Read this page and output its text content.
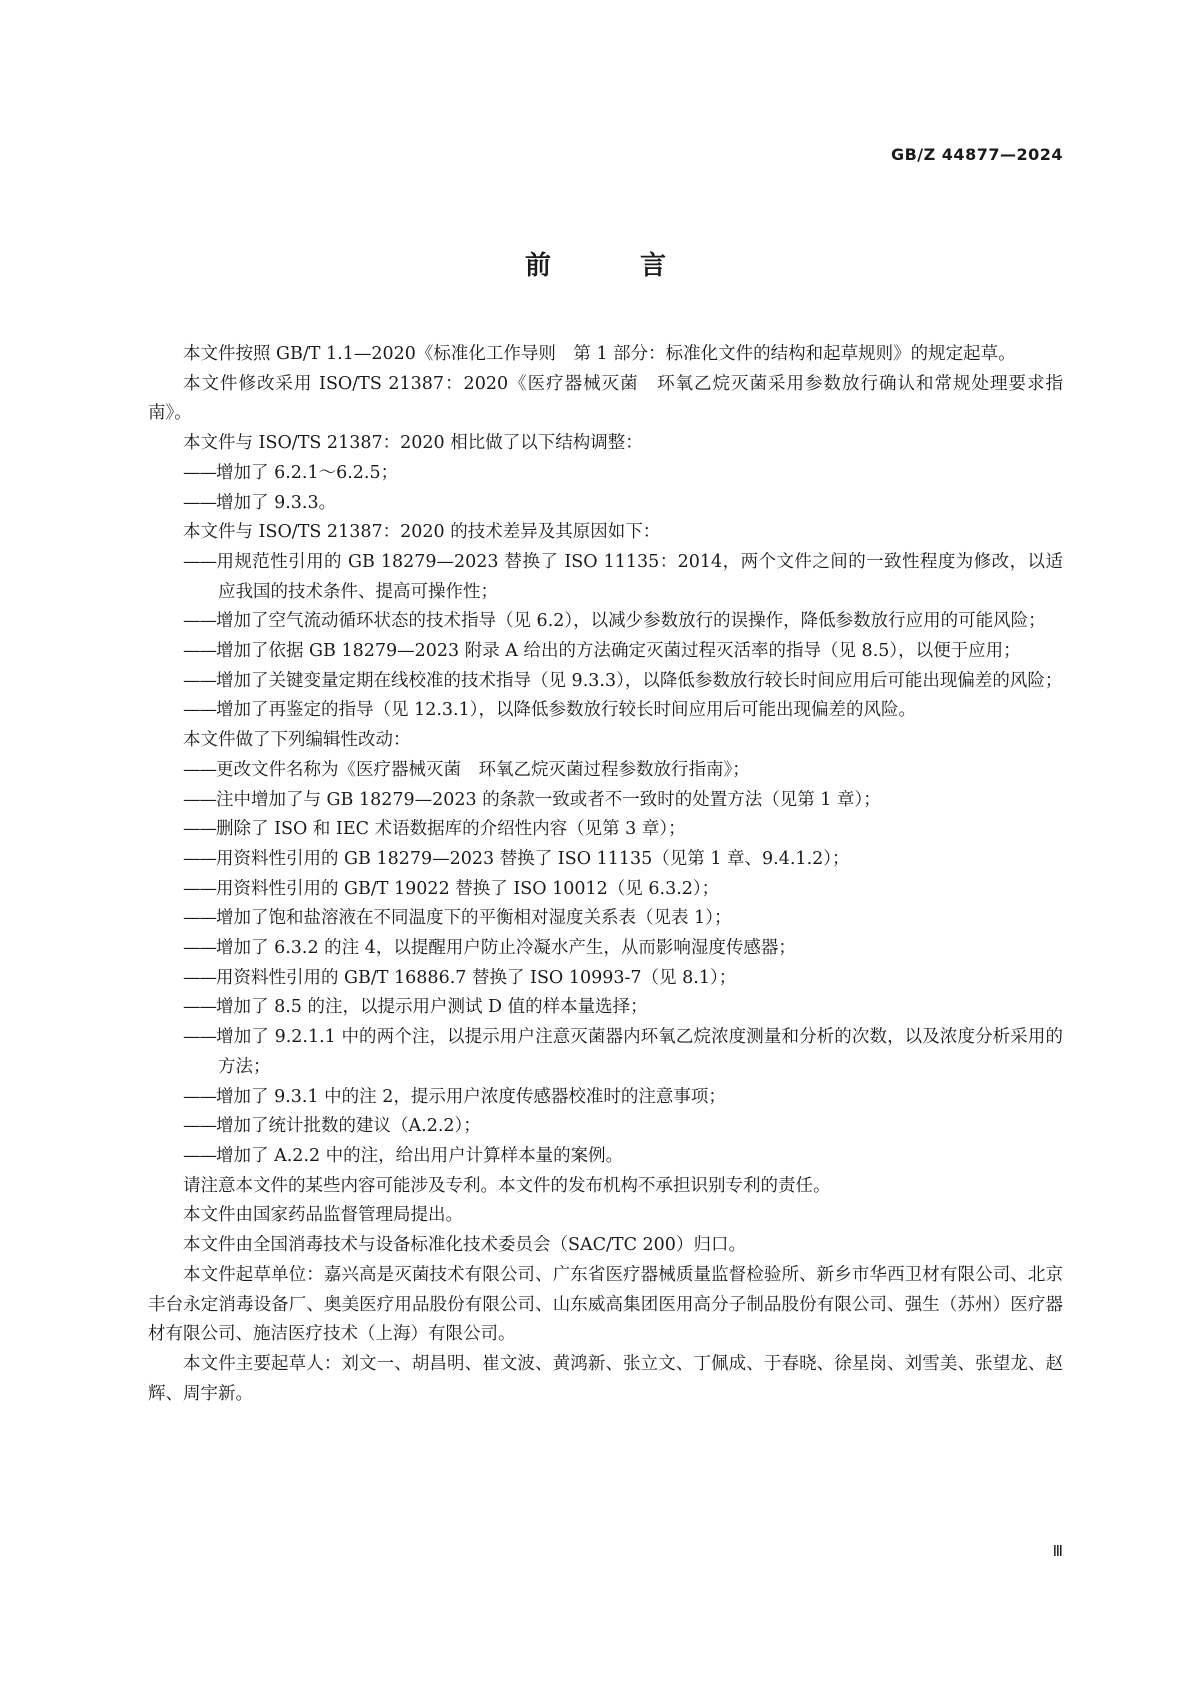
GB/Z 44877—2024
前 言

本文件按照 GB/T 1.1—2020《标准化工作导则　第 1 部分：标准化文件的结构和起草规则》的规定起草。

本文件修改采用 ISO/TS 21387：2020《医疗器械灭菌　环氧乙烷灭菌采用参数放行确认和常规处理要求指南》。

本文件与 ISO/TS 21387：2020 相比做了以下结构调整：

——增加了 6.2.1～6.2.5；

——增加了 9.3.3。

本文件与 ISO/TS 21387：2020 的技术差异及其原因如下：

——用规范性引用的 GB 18279—2023 替换了 ISO 11135：2014，两个文件之间的一致性程度为修改，以适应我国的技术条件、提高可操作性；

——增加了空气流动循环状态的技术指导（见 6.2），以减少参数放行的误操作，降低参数放行应用的可能风险；

——增加了依据 GB 18279—2023 附录 A 给出的方法确定灭菌过程灭活率的指导（见 8.5），以便于应用；

——增加了关键变量定期在线校准的技术指导（见 9.3.3），以降低参数放行较长时间应用后可能出现偏差的风险；

——增加了再鉴定的指导（见 12.3.1），以降低参数放行较长时间应用后可能出现偏差的风险。

本文件做了下列编辑性改动：

——更改文件名称为《医疗器械灭菌　环氧乙烷灭菌过程参数放行指南》；

——注中增加了与 GB 18279—2023 的条款一致或者不一致时的处置方法（见第 1 章）；

——删除了 ISO 和 IEC 术语数据库的介绍性内容（见第 3 章）；

——用资料性引用的 GB 18279—2023 替换了 ISO 11135（见第 1 章、9.4.1.2）；

——用资料性引用的 GB/T 19022 替换了 ISO 10012（见 6.3.2）；

——增加了饱和盐溶液在不同温度下的平衡相对湿度关系表（见表 1）；

——增加了 6.3.2 的注 4，以提醒用户防止冷凝水产生，从而影响湿度传感器；

——用资料性引用的 GB/T 16886.7 替换了 ISO 10993-7（见 8.1）；

——增加了 8.5 的注，以提示用户测试 D 值的样本量选择；

——增加了 9.2.1.1 中的两个注，以提示用户注意灭菌器内环氧乙烷浓度测量和分析的次数，以及浓度分析采用的方法；

——增加了 9.3.1 中的注 2，提示用户浓度传感器校准时的注意事项；

——增加了统计批数的建议（A.2.2）；

——增加了 A.2.2 中的注，给出用户计算样本量的案例。

请注意本文件的某些内容可能涉及专利。本文件的发布机构不承担识别专利的责任。

本文件由国家药品监督管理局提出。

本文件由全国消毒技术与设备标准化技术委员会（SAC/TC 200）归口。

本文件起草单位：嘉兴高是灭菌技术有限公司、广东省医疗器械质量监督检验所、新乡市华西卫材有限公司、北京丰台永定消毒设备厂、奥美医疗用品股份有限公司、山东威高集团医用高分子制品股份有限公司、强生（苏州）医疗器材有限公司、施洁医疗技术（上海）有限公司。

本文件主要起草人：刘文一、胡昌明、崔文波、黄鸿新、张立文、丁佩成、于春晓、徐星岗、刘雪美、张望龙、赵辉、周宇新。

Ⅲ
